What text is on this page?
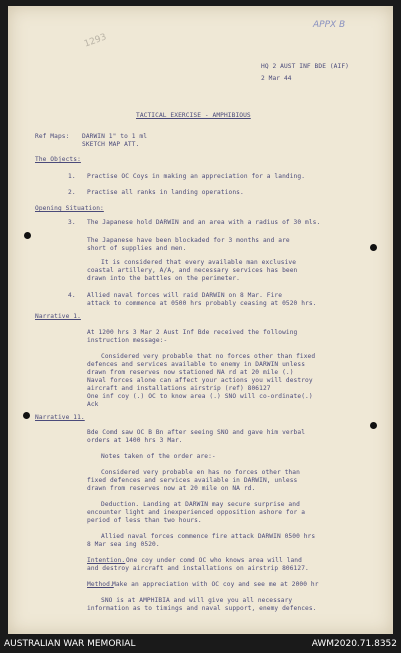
APPX B
1293
HQ 2 AUST INF BDE (AIF)
2 Mar 44
TACTICAL EXERCISE - AMPHIBIOUS
Ref Maps: DARWIN 1" to 1 ml
SKETCH MAP ATT.
The Objects:
1. Practise OC Coys in making an appreciation for a landing.
2. Practise all ranks in landing operations.
Opening Situation:
3. The Japanese hold DARWIN and an area with a radius of 30 mls.
The Japanese have been blockaded for 3 months and are
short of supplies and men.
It is considered that every available man exclusive
coastal artillery, A/A, and necessary services has been
drawn into the battles on the perimeter.
4. Allied naval forces will raid DARWIN on 8 Mar. Fire
attack to commence at 0500 hrs probably ceasing at 0520 hrs.
Narrative 1.
At 1200 hrs 3 Mar 2 Aust Inf Bde received the following
instruction message:-
Considered very probable that no forces other than fixed
defences and services available to enemy in DARWIN unless
drawn from reserves now stationed NA rd at 20 mile (.)
Naval forces alone can affect your actions you will destroy
aircraft and installations airstrip (ref) 806127
One inf coy (.) OC to know area (.) SNO will co-ordinate(.)
Ack
Narrative 11.
Bde Comd saw OC B Bn after seeing SNO and gave him verbal
orders at 1400 hrs 3 Mar.
Notes taken of the order are:-
Considered very probable en has no forces other than
fixed defences and services available in DARWIN, unless
drawn from reserves now at 20 mile on NA rd.
Deduction. Landing at DARWIN may secure surprise and
encounter light and inexperienced opposition ashore for a
period of less than two hours.
Allied naval forces commence fire attack DARWIN 0500 hrs
8 Mar sea ing 0520.
Intention. One coy under comd OC who knows area will land
and destroy aircraft and installations on airstrip 806127.
Method.
Make an appreciation with OC coy and see me at 2000 hr
SNO is at AMPHIBIA and will give you all necessary
information as to timings and naval support, enemy defences.
AUSTRALIAN WAR MEMORIAL	AWM2020.71.8352
